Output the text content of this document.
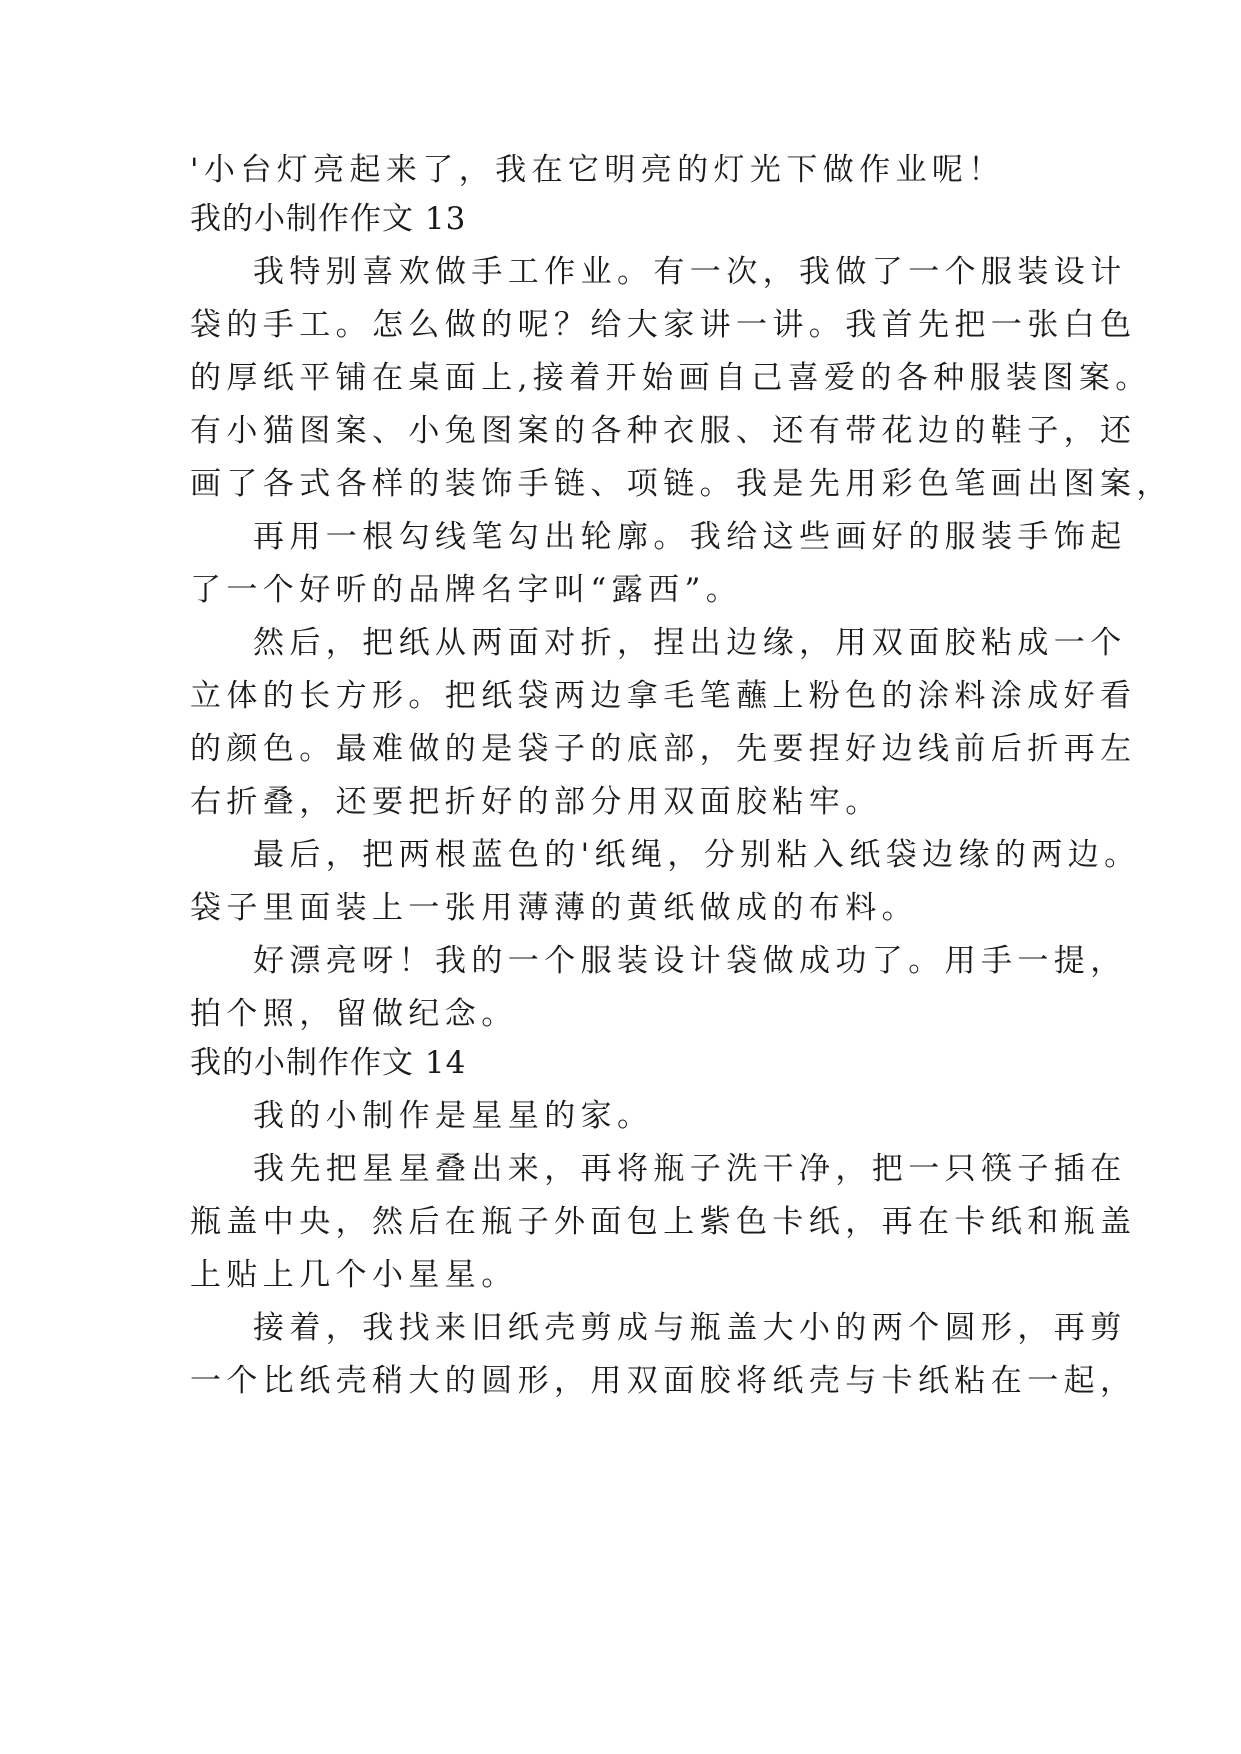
'小台灯亮起来了，我在它明亮的灯光下做作业呢！
我的小制作作文 13
我特别喜欢做手工作业。有一次，我做了一个服装设计
袋的手工。怎么做的呢？给大家讲一讲。我首先把一张白色
的厚纸平铺在桌面上,接着开始画自己喜爱的各种服装图案。
有小猫图案、小兔图案的各种衣服、还有带花边的鞋子，还
画了各式各样的装饰手链、项链。我是先用彩色笔画出图案，
再用一根勾线笔勾出轮廓。我给这些画好的服装手饰起
了一个好听的品牌名字叫“露西”。
然后，把纸从两面对折，捏出边缘，用双面胶粘成一个
立体的长方形。把纸袋两边拿毛笔蘸上粉色的涂料涂成好看
的颜色。最难做的是袋子的底部，先要捏好边线前后折再左
右折叠，还要把折好的部分用双面胶粘牢。
最后，把两根蓝色的'纸绳，分别粘入纸袋边缘的两边。
袋子里面装上一张用薄薄的黄纸做成的布料。
好漂亮呀！我的一个服装设计袋做成功了。用手一提，
拍个照，留做纪念。
我的小制作作文 14
我的小制作是星星的家。
我先把星星叠出来，再将瓶子洗干净，把一只筷子插在
瓶盖中央，然后在瓶子外面包上紫色卡纸，再在卡纸和瓶盖
上贴上几个小星星。
接着，我找来旧纸壳剪成与瓶盖大小的两个圆形，再剪
一个比纸壳稍大的圆形，用双面胶将纸壳与卡纸粘在一起，
